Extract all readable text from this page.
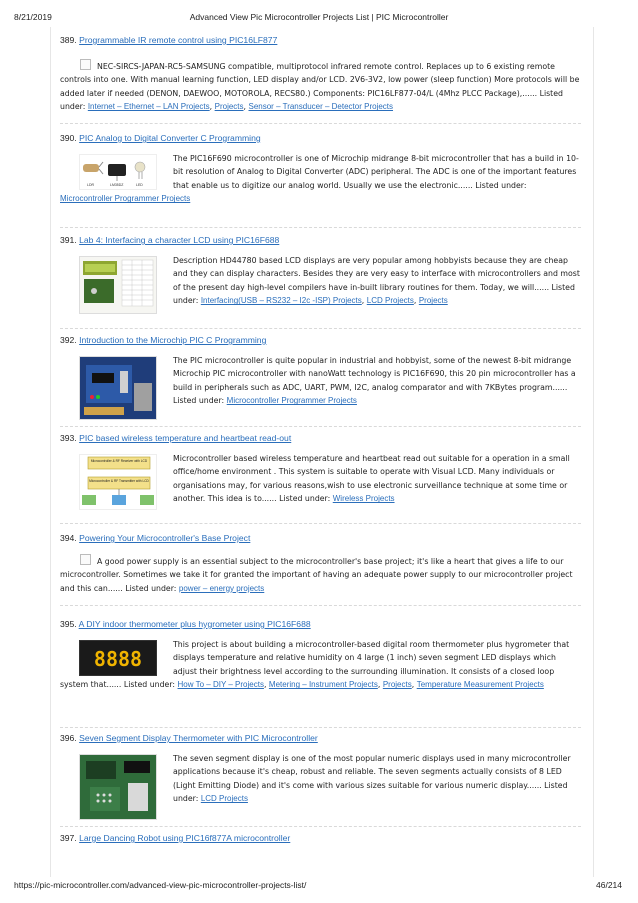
8/21/2019	Advanced View Pic Microcontroller Projects List | PIC Microcontroller
389. Programmable IR remote control using PIC16LF877
NEC-SIRCS-JAPAN-RC5-SAMSUNG compatible, multiprotocol infrared remote control. Replaces up to 6 existing remote controls into one. With manual learning function, LED display and/or LCD. 2V6-3V2, low power (sleep function) More protocols will be added later if needed (DENON, DAEWOO, MOTOROLA, RECS80.) Components: PIC16LF877-04/L (4Mhz PLCC Package),...... Listed under: Internet – Ethernet – LAN Projects, Projects, Sensor – Transducer – Detector Projects
390. PIC Analog to Digital Converter C Programming
LDR	LM35DZ	LED
The PIC16F690 microcontroller is one of Microchip midrange 8-bit microcontroller that has a build in 10-bit resolution of Analog to Digital Converter (ADC) peripheral. The ADC is one of the important features that enable us to digitize our analog world. Usually we use the electronic...... Listed under: Microcontroller Programmer Projects
391. Lab 4: Interfacing a character LCD using PIC16F688
Description HD44780 based LCD displays are very popular among hobbyists because they are cheap and they can display characters. Besides they are very easy to interface with microcontrollers and most of the present day high-level compilers have in-built library routines for them. Today, we will...... Listed under: Interfacing(USB – RS232 – I2c -ISP) Projects, LCD Projects, Projects
392. Introduction to the Microchip PIC C Programming
The PIC microcontroller is quite popular in industrial and hobbyist, some of the newest 8-bit midrange Microchip PIC microcontroller with nanoWatt technology is PIC16F690, this 20 pin microcontroller has a build in peripherals such as ADC, UART, PWM, I2C, analog comparator and with 7KBytes program...... Listed under: Microcontroller Programmer Projects
393. PIC based wireless temperature and heartbeat read-out
Microcontroller & RF Receiver with LCD
Microcontroller & RF Transmitter with LCD
Microcontroller based wireless temperature and heartbeat read out suitable for a operation in a small office/home environment . This system is suitable to operate with Visual LCD. Many individuals or organisations may, for various reasons,wish to use electronic surveillance technique at some time or another. This idea is to...... Listed under: Wireless Projects
394. Powering Your Microcontroller's Base Project
A good power supply is an essential subject to the microcontroller's base project; it's like a heart that gives a life to our microcontroller. Sometimes we take it for granted the important of having an adequate power supply to our microcontroller project and this can...... Listed under: power – energy projects
395. A DIY indoor thermometer plus hygrometer using PIC16F688
8888
This project is about building a microcontroller-based digital room thermometer plus hygrometer that displays temperature and relative humidity on 4 large (1 inch) seven segment LED displays which adjust their brightness level according to the surrounding illumination. It consists of a closed loop system that...... Listed under: How To – DIY – Projects, Metering – Instrument Projects, Projects, Temperature Measurement Projects
396. Seven Segment Display Thermometer with PIC Microcontroller
The seven segment display is one of the most popular numeric displays used in many microcontroller applications because it's cheap, robust and reliable. The seven segments actually consists of 8 LED (Light Emitting Diode) and it's come with various sizes suitable for various numeric display...... Listed under: LCD Projects
397. Large Dancing Robot using PIC16f877A microcontroller
https://pic-microcontroller.com/advanced-view-pic-microcontroller-projects-list/	46/214
